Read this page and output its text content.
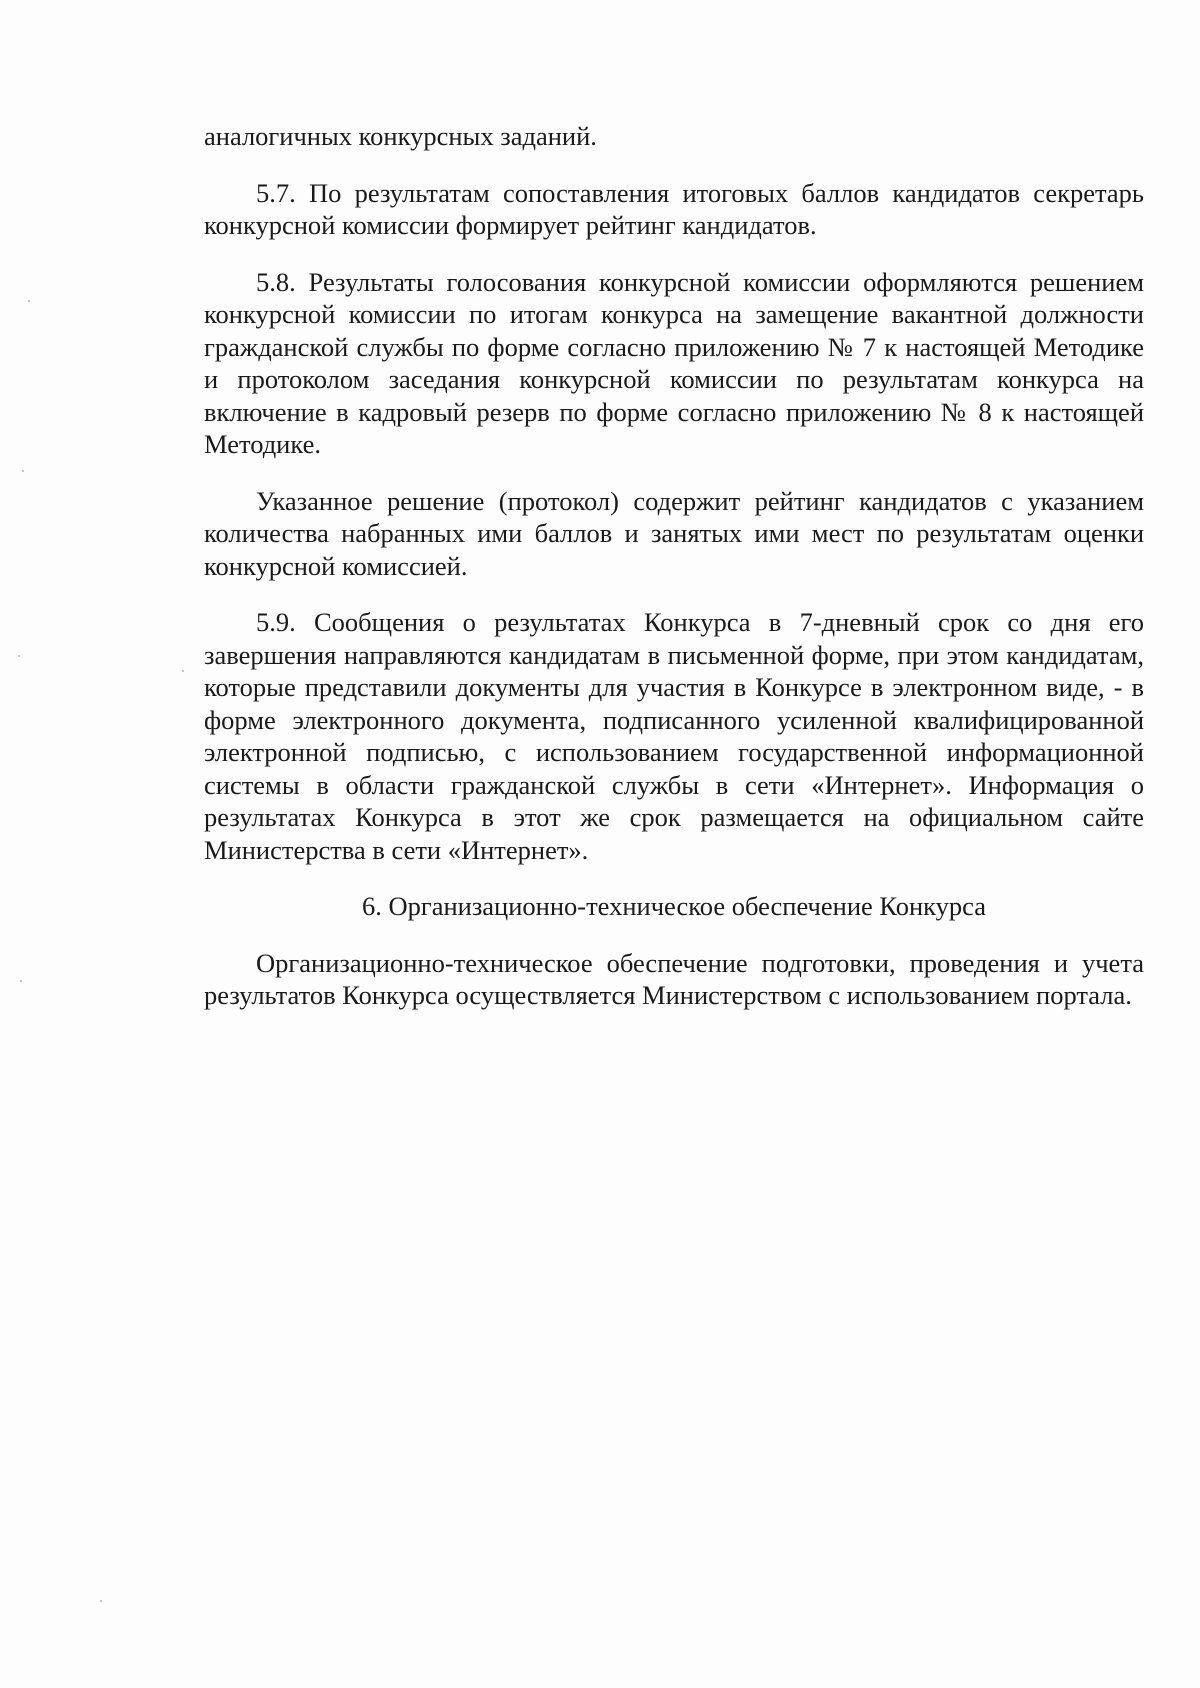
аналогичных конкурсных заданий.

5.7. По результатам сопоставления итоговых баллов кандидатов секретарь конкурсной комиссии формирует рейтинг кандидатов.

5.8. Результаты голосования конкурсной комиссии оформляются решением конкурсной комиссии по итогам конкурса на замещение вакантной должности гражданской службы по форме согласно приложению № 7 к настоящей Методике и протоколом заседания конкурсной комиссии по результатам конкурса на включение в кадровый резерв по форме согласно приложению № 8 к настоящей Методике.

Указанное решение (протокол) содержит рейтинг кандидатов с указанием количества набранных ими баллов и занятых ими мест по результатам оценки конкурсной комиссией.

5.9. Сообщения о результатах Конкурса в 7-дневный срок со дня его завершения направляются кандидатам в письменной форме, при этом кандидатам, которые представили документы для участия в Конкурсе в электронном виде, - в форме электронного документа, подписанного усиленной квалифицированной электронной подписью, с использованием государственной информационной системы в области гражданской службы в сети «Интернет». Информация о результатах Конкурса в этот же срок размещается на официальном сайте Министерства в сети «Интернет».

6. Организационно-техническое обеспечение Конкурса

Организационно-техническое обеспечение подготовки, проведения и учета результатов Конкурса осуществляется Министерством с использованием портала.
